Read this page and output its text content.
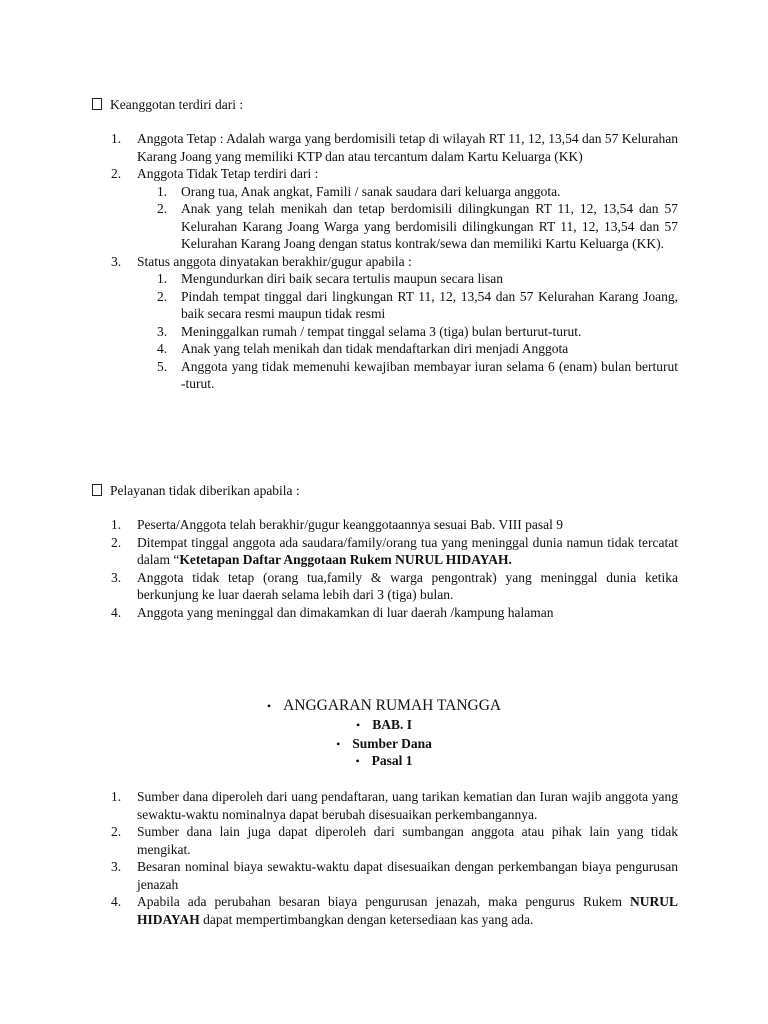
Keanggotan terdiri dari :
1. Anggota Tetap : Adalah warga yang berdomisili tetap di wilayah RT 11, 12, 13,54 dan 57 Kelurahan Karang Joang yang memiliki KTP dan atau tercantum dalam Kartu Keluarga (KK)
2. Anggota Tidak Tetap terdiri dari :
1. Orang tua, Anak angkat, Famili / sanak saudara dari keluarga anggota.
2. Anak yang telah menikah dan tetap berdomisili dilingkungan RT 11, 12, 13,54 dan 57 Kelurahan Karang Joang Warga yang berdomisili dilingkungan RT 11, 12, 13,54 dan 57 Kelurahan Karang Joang dengan status kontrak/sewa dan memiliki Kartu Keluarga (KK).
3. Status anggota dinyatakan berakhir/gugur apabila :
1. Mengundurkan diri baik secara tertulis maupun secara lisan
2. Pindah tempat tinggal dari lingkungan RT 11, 12, 13,54 dan 57 Kelurahan Karang Joang, baik secara resmi maupun tidak resmi
3. Meninggalkan rumah / tempat tinggal selama 3 (tiga) bulan berturut-turut.
4. Anak yang telah menikah dan tidak mendaftarkan diri menjadi Anggota
5. Anggota yang tidak memenuhi kewajiban membayar iuran selama 6 (enam) bulan berturut -turut.
Pelayanan tidak diberikan apabila :
1. Peserta/Anggota telah berakhir/gugur keanggotaannya sesuai Bab. VIII pasal 9
2. Ditempat tinggal anggota ada saudara/family/orang tua yang meninggal dunia namun tidak tercatat dalam “Ketetapan Daftar Anggotaan Rukem NURUL HIDAYAH.
3. Anggota tidak tetap (orang tua,family & warga pengontrak) yang meninggal dunia ketika berkunjung ke luar daerah selama lebih dari 3 (tiga) bulan.
4. Anggota yang meninggal dan dimakamkan di luar daerah /kampung halaman
• ANGGARAN RUMAH TANGGA
• BAB. I
• Sumber Dana
• Pasal 1
1. Sumber dana diperoleh dari uang pendaftaran, uang tarikan kematian dan Iuran wajib anggota yang sewaktu-waktu nominalnya dapat berubah disesuaikan perkembangannya.
2. Sumber dana lain juga dapat diperoleh dari sumbangan anggota atau pihak lain yang tidak mengikat.
3. Besaran nominal biaya sewaktu-waktu dapat disesuaikan dengan perkembangan biaya pengurusan jenazah
4. Apabila ada perubahan besaran biaya pengurusan jenazah, maka pengurus Rukem NURUL HIDAYAH dapat mempertimbangkan dengan ketersediaan kas yang ada.
